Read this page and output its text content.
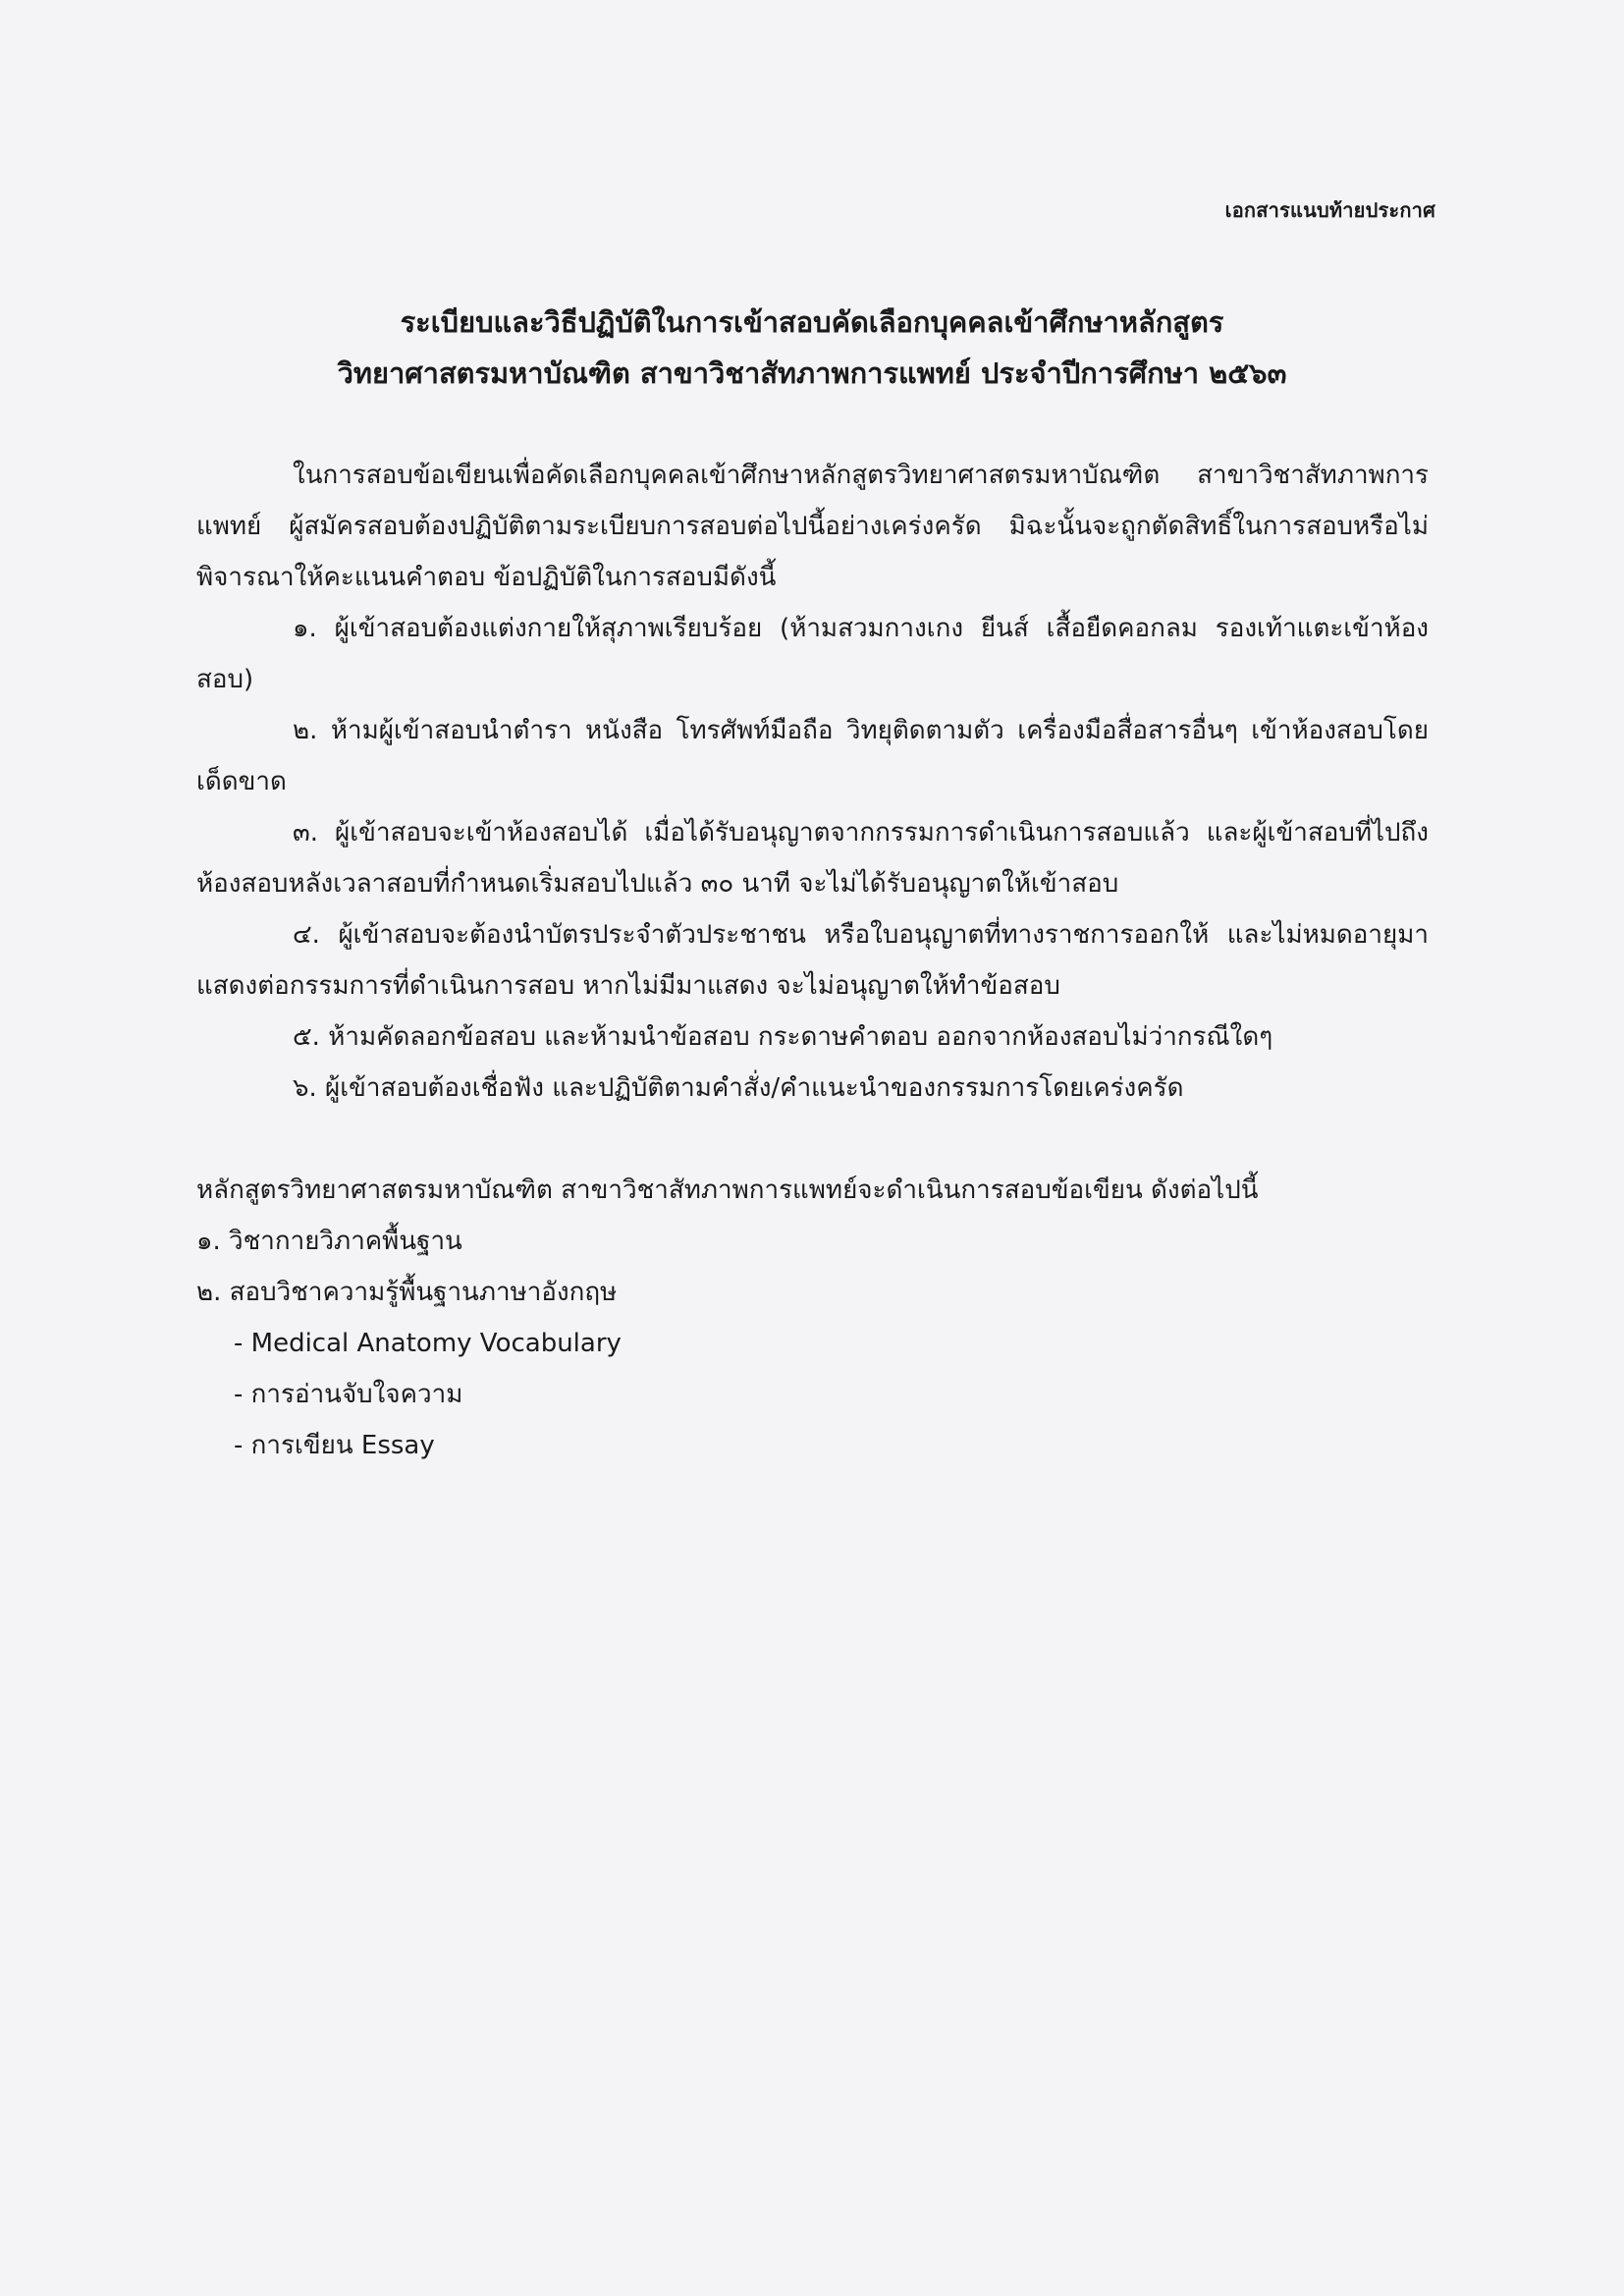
เอกสารแนบท้ายประกาศ
ระเบียบและวิธีปฏิบัติในการเข้าสอบคัดเลือกบุคคลเข้าศึกษาหลักสูตร
วิทยาศาสตรมหาบัณฑิต สาขาวิชาสัทภาพการแพทย์ ประจำปีการศึกษา ๒๕๖๓

ในการสอบข้อเขียนเพื่อคัดเลือกบุคคลเข้าศึกษาหลักสูตรวิทยาศาสตรมหาบัณฑิต สาขาวิชาสัทภาพการแพทย์ ผู้สมัครสอบต้องปฏิบัติตามระเบียบการสอบต่อไปนี้อย่างเคร่งครัด มิฉะนั้นจะถูกตัดสิทธิ์ในการสอบหรือไม่พิจารณาให้คะแนนคำตอบ ข้อปฏิบัติในการสอบมีดังนี้

๑. ผู้เข้าสอบต้องแต่งกายให้สุภาพเรียบร้อย (ห้ามสวมกางเกง ยีนส์ เสื้อยืดคอกลม รองเท้าแตะเข้าห้องสอบ)

๒. ห้ามผู้เข้าสอบนำตำรา หนังสือ โทรศัพท์มือถือ วิทยุติดตามตัว เครื่องมือสื่อสารอื่นๆ เข้าห้องสอบโดยเด็ดขาด

๓. ผู้เข้าสอบจะเข้าห้องสอบได้ เมื่อได้รับอนุญาตจากกรรมการดำเนินการสอบแล้ว และผู้เข้าสอบที่ไปถึงห้องสอบหลังเวลาสอบที่กำหนดเริ่มสอบไปแล้ว ๓๐ นาที จะไม่ได้รับอนุญาตให้เข้าสอบ

๔. ผู้เข้าสอบจะต้องนำบัตรประจำตัวประชาชน หรือใบอนุญาตที่ทางราชการออกให้ และไม่หมดอายุมาแสดงต่อกรรมการที่ดำเนินการสอบ หากไม่มีมาแสดง จะไม่อนุญาตให้ทำข้อสอบ

๕. ห้ามคัดลอกข้อสอบ และห้ามนำข้อสอบ กระดาษคำตอบ ออกจากห้องสอบไม่ว่ากรณีใดๆ

๖. ผู้เข้าสอบต้องเชื่อฟัง และปฏิบัติตามคำสั่ง/คำแนะนำของกรรมการโดยเคร่งครัด

หลักสูตรวิทยาศาสตรมหาบัณฑิต สาขาวิชาสัทภาพการแพทย์จะดำเนินการสอบข้อเขียน ดังต่อไปนี้

๑. วิชากายวิภาคพื้นฐาน

๒. สอบวิชาความรู้พื้นฐานภาษาอังกฤษ

- Medical Anatomy Vocabulary

- การอ่านจับใจความ

- การเขียน Essay
